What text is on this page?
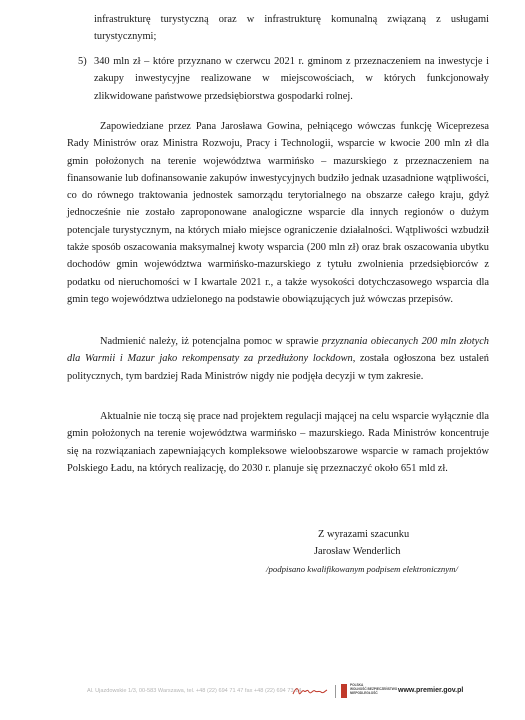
infrastrukturę turystyczną oraz w infrastrukturę komunalną związaną z usługami turystycznymi;
5) 340 mln zł – które przyznano w czerwcu 2021 r. gminom z przeznaczeniem na inwestycje i zakupy inwestycyjne realizowane w miejscowościach, w których funkcjonowały zlikwidowane państwowe przedsiębiorstwa gospodarki rolnej.

Zapowiedziane przez Pana Jarosława Gowina, pełniącego wówczas funkcję Wiceprezesa Rady Ministrów oraz Ministra Rozwoju, Pracy i Technologii, wsparcie w kwocie 200 mln zł dla gmin położonych na terenie województwa warmińsko – mazurskiego z przeznaczeniem na finansowanie lub dofinansowanie zakupów inwestycyjnych budziło jednak uzasadnione wątpliwości, co do równego traktowania jednostek samorządu terytorialnego na obszarze całego kraju, gdyż jednocześnie nie zostało zaproponowane analogiczne wsparcie dla innych regionów o dużym potencjale turystycznym, na których miało miejsce ograniczenie działalności. Wątpliwości wzbudził także sposób oszacowania maksymalnej kwoty wsparcia (200 mln zł) oraz brak oszacowania ubytku dochodów gmin województwa warmińsko-mazurskiego z tytułu zwolnienia przedsiębiorców z podatku od nieruchomości w I kwartale 2021 r., a także wysokości dotychczasowego wsparcia dla gmin tego województwa udzielonego na podstawie obowiązujących już wówczas przepisów.

Nadmienić należy, iż potencjalna pomoc w sprawie przyznania obiecanych 200 mln złotych dla Warmii i Mazur jako rekompensaty za przedłużony lockdown, została ogłoszona bez ustaleń politycznych, tym bardziej Rada Ministrów nigdy nie podjęła decyzji w tym zakresie.

Aktualnie nie toczą się prace nad projektem regulacji mającej na celu wsparcie wyłącznie dla gmin położonych na terenie województwa warmińsko – mazurskiego. Rada Ministrów koncentruje się na rozwiązaniach zapewniających kompleksowe wieloobszarowe wsparcie w ramach projektów Polskiego Ładu, na których realizację, do 2030 r. planuje się przeznaczyć około 651 mld zł.

Z wyrazami szacunku
Jarosław Wenderlich
/podpisano kwalifikowanym podpisem elektronicznym/
Al. Ujazdowskie 1/3, 00-583 Warszawa, tel. +48 (22) 694 71 47 fax +48 (22) 694 73 14
POLSKA
WOLNOŚĆ BEZPIECZEŃSTWO
NIEPODLEGŁOŚĆ	www.premier.gov.pl
